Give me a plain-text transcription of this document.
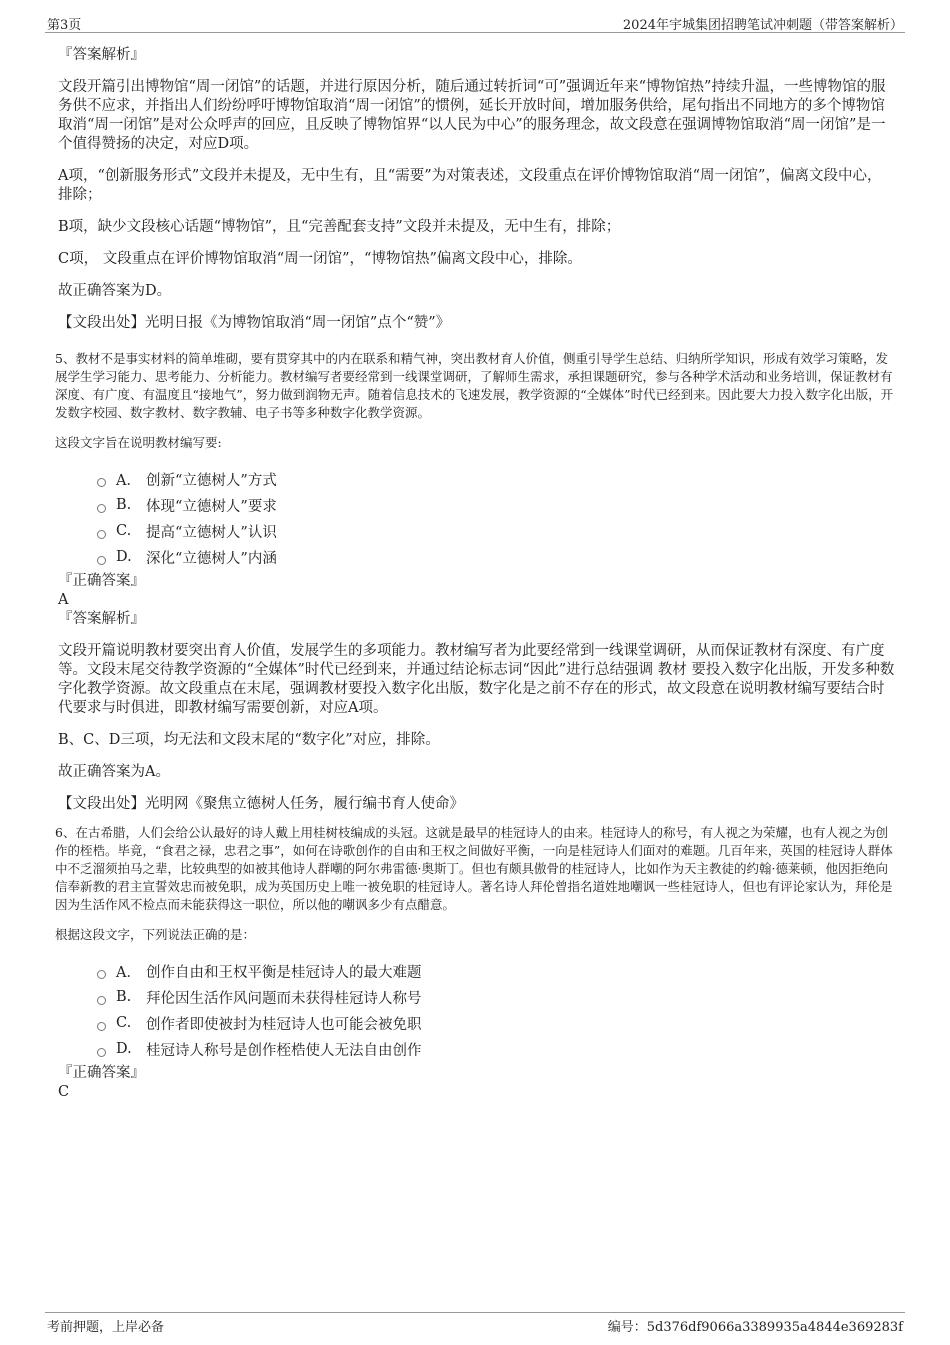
第3页	2024年宇城集团招聘笔试冲刺题（带答案解析）
『答案解析』

文段开篇引出博物馆“周一闭馆”的话题，并进行原因分析，随后通过转折词“可”强调近年来“博物馆热”持续升温，一些博物馆的服务供不应求，并指出人们纷纷呼吁博物馆取消“周一闭馆”的惯例，延长开放时间，增加服务供给，尾句指出不同地方的多个博物馆取消“周一闭馆”是对公众呼声的回应，且反映了博物馆界“以人民为中心”的服务理念，故文段意在强调博物馆取消“周一闭馆”是一个值得赞扬的决定，对应D项。

A项，“创新服务形式”文段并未提及，无中生有，且“需要”为对策表述，文段重点在评价博物馆取消“周一闭馆”，偏离文段中心，排除；

B项，缺少文段核心话题“博物馆”，且“完善配套支持”文段并未提及，无中生有，排除；

C项， 文段重点在评价博物馆取消“周一闭馆”，“博物馆热”偏离文段中心，排除。

故正确答案为D。

【文段出处】光明日报《为博物馆取消“周一闭馆”点个“赞”》

5、教材不是事实材料的简单堆砌，要有贯穿其中的内在联系和精气神，突出教材育人价值，侧重引导学生总结、归纳所学知识，形成有效学习策略，发展学生学习能力、思考能力、分析能力。教材编写者要经常到一线课堂调研，了解师生需求，承担课题研究，参与各种学术活动和业务培训，保证教材有深度、有广度、有温度且“接地气”，努力做到润物无声。随着信息技术的飞速发展，教学资源的“全媒体”时代已经到来。因此要大力投入数字化出版，开发数字校园、数字教材、数字教辅、电子书等多种数字化教学资源。

这段文字旨在说明教材编写要:

A． 创新“立德树人”方式
B.	体现“立德树人”要求
C.	提高“立德树人”认识
D. 深化“立德树人”内涵
『正确答案』
A
『答案解析』

文段开篇说明教材要突出育人价值，发展学生的多项能力。教材编写者为此要经常到一线课堂调研，从而保证教材有深度、有广度等。文段末尾交待教学资源的“全媒体”时代已经到来，并通过结论标志词“因此”进行总结强调 教材 要投入数字化出版，开发多种数字化教学资源。故文段重点在末尾，强调教材要投入数字化出版，数字化是之前不存在的形式，故文段意在说明教材编写要结合时代要求与时俱进，即教材编写需要创新，对应A项。

B、C、D三项，均无法和文段末尾的“数字化”对应，排除。

故正确答案为A。

【文段出处】光明网《聚焦立德树人任务，履行编书育人使命》

6、在古希腊，人们会给公认最好的诗人戴上用桂树枝编成的头冠。这就是最早的桂冠诗人的由来。桂冠诗人的称号，有人视之为荣耀，也有人视之为创作的桎梏。毕竟，“食君之禄，忠君之事”，如何在诗歌创作的自由和王权之间做好平衡，一向是桂冠诗人们面对的难题。几百年来，英国的桂冠诗人群体中不乏溜须拍马之辈，比较典型的如被其他诗人群嘲的阿尔弗雷德·奥斯丁。但也有颇具傲骨的桂冠诗人，比如作为天主教徒的约翰·德莱顿，他因拒绝向信奉新教的君主宣誓效忠而被免职，成为英国历史上唯一被免职的桂冠诗人。著名诗人拜伦曾指名道姓地嘲讽一些桂冠诗人，但也有评论家认为，拜伦是因为生活作风不检点而未能获得这一职位，所以他的嘲讽多少有点醋意。

根据这段文字，下列说法正确的是：

A． 创作自由和王权平衡是桂冠诗人的最大难题
B.	拜伦因生活作风问题而未获得桂冠诗人称号
C.	创作者即使被封为桂冠诗人也可能会被免职
D. 桂冠诗人称号是创作桎梏使人无法自由创作
『正确答案』
C
考前押题，上岸必备	编号：5d376df9066a3389935a4844e369283f
